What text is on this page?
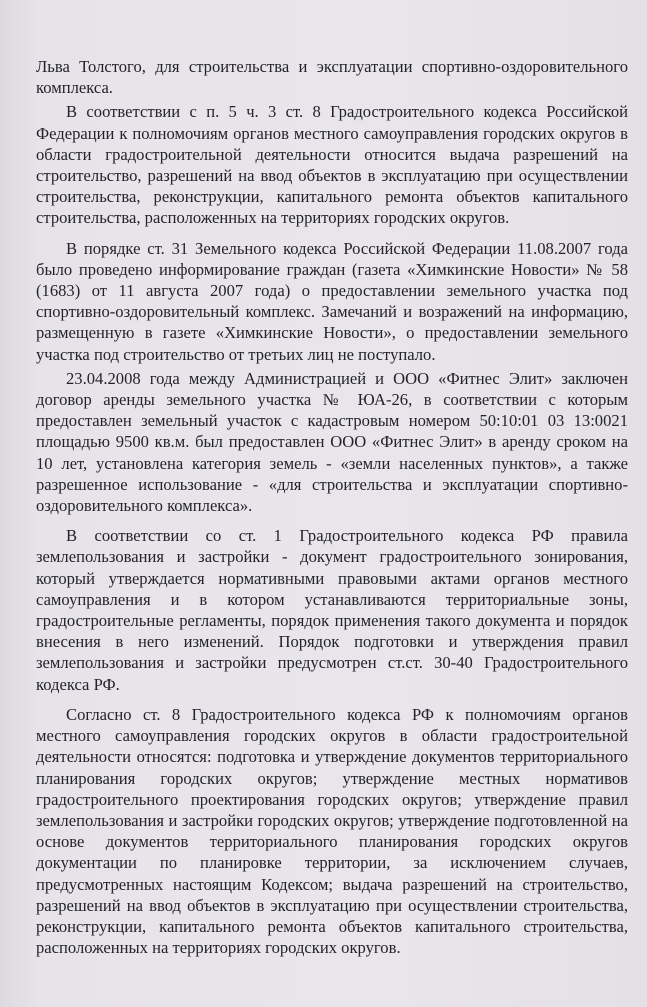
Льва Толстого, для строительства и эксплуатации спортивно-оздоровительного комплекса.

В соответствии с п. 5 ч. 3 ст. 8 Градостроительного кодекса Российской Федерации к полномочиям органов местного самоуправления городских округов в области градостроительной деятельности относится выдача разрешений на строительство, разрешений на ввод объектов в эксплуатацию при осуществлении строительства, реконструкции, капитального ремонта объектов капитального строительства, расположенных на территориях городских округов.

В порядке ст. 31 Земельного кодекса Российской Федерации 11.08.2007 года было проведено информирование граждан (газета «Химкинские Новости» № 58 (1683) от 11 августа 2007 года) о предоставлении земельного участка под спортивно-оздоровительный комплекс. Замечаний и возражений на информацию, размещенную в газете «Химкинские Новости», о предоставлении земельного участка под строительство от третьих лиц не поступало.

23.04.2008 года между Администрацией и ООО «Фитнес Элит» заключен договор аренды земельного участка № ЮА-26, в соответствии с которым предоставлен земельный участок с кадастровым номером 50:10:01 03 13:0021 площадью 9500 кв.м. был предоставлен ООО «Фитнес Элит» в аренду сроком на 10 лет, установлена категория земель - «земли населенных пунктов», а также разрешенное использование - «для строительства и эксплуатации спортивно-оздоровительного комплекса».

В соответствии со ст. 1 Градостроительного кодекса РФ правила землепользования и застройки - документ градостроительного зонирования, который утверждается нормативными правовыми актами органов местного самоуправления и в котором устанавливаются территориальные зоны, градостроительные регламенты, порядок применения такого документа и порядок внесения в него изменений. Порядок подготовки и утверждения правил землепользования и застройки предусмотрен ст.ст. 30-40 Градостроительного кодекса РФ.

Согласно ст. 8 Градостроительного кодекса РФ к полномочиям органов местного самоуправления городских округов в области градостроительной деятельности относятся: подготовка и утверждение документов территориального планирования городских округов; утверждение местных нормативов градостроительного проектирования городских округов; утверждение правил землепользования и застройки городских округов; утверждение подготовленной на основе документов территориального планирования городских округов документации по планировке территории, за исключением случаев, предусмотренных настоящим Кодексом; выдача разрешений на строительство, разрешений на ввод объектов в эксплуатацию при осуществлении строительства, реконструкции, капитального ремонта объектов капитального строительства, расположенных на территориях городских округов.
